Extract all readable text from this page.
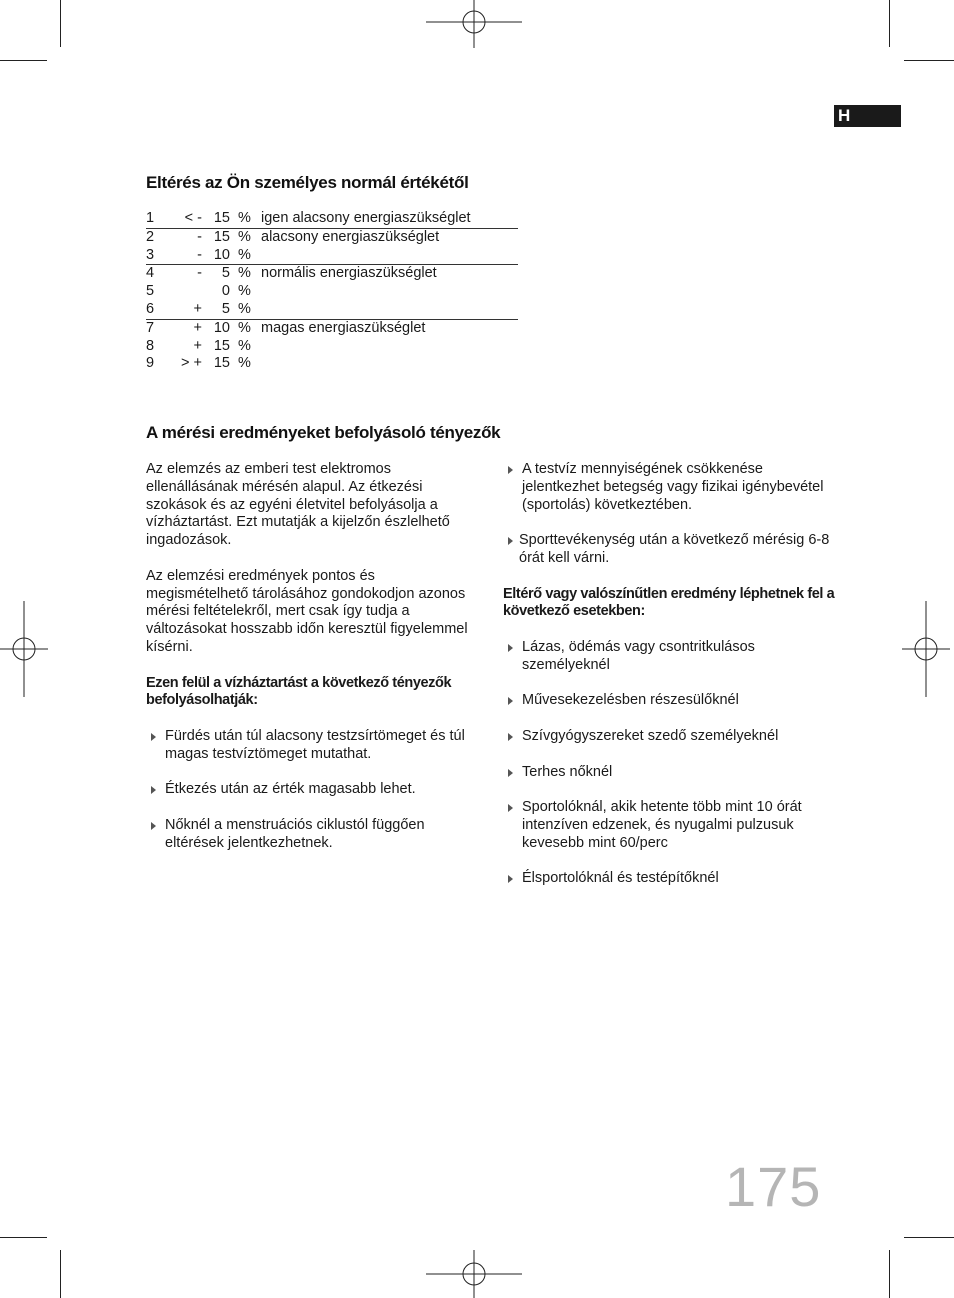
H
Eltérés az Ön személyes normál értékétől
1	< -	15	%	igen alacsony energiaszükséglet
2	-	15	%	alacsony energiaszükséglet
3	-	10	%	
4	-	5	%	normális energiaszükséglet
5		0	%	
6	+	5	%	
7	+	10	%	magas energiaszükséglet
8	+	15	%	
9	> +	15	%	
A mérési eredményeket befolyásoló tényezők

Az elemzés az emberi test elektromos ellenállásának mérésén alapul. Az étkezési szokások és az egyéni életvitel befolyásolja a vízháztartást. Ezt mutatják a kijelzőn észlelhető ingadozások.

Az elemzési eredmények pontos és megismételhető tárolásához gondokodjon azonos mérési feltételekről, mert csak így tudja a változásokat hosszabb időn keresztül figyelemmel kísérni.

Ezen felül a vízháztartást a következő tényezők befolyásolhatják:

Fürdés után túl alacsony testzsírtömeget és túl magas testvíztömeget mutathat.
Étkezés után az érték magasabb lehet.
Nőknél a menstruációs ciklustól függően eltérések jelentkezhetnek.
A testvíz mennyiségének csökkenése jelentkezhet betegség vagy fizikai igénybevétel (sportolás) következtében.
Sporttevékenység után a következő mérésig 6-8 órát kell várni.

Eltérő vagy valószínűtlen eredmény léphetnek fel a következő esetekben:

Lázas, ödémás vagy csontritkulásos személyeknél
Művesekezelésben részesülőknél
Szívgyógyszereket szedő személyeknél
Terhes nőknél
Sportolóknál, akik hetente több mint 10 órát intenzíven edzenek, és nyugalmi pulzusuk kevesebb mint 60/perc
Élsportolóknál és testépítőknél
175
